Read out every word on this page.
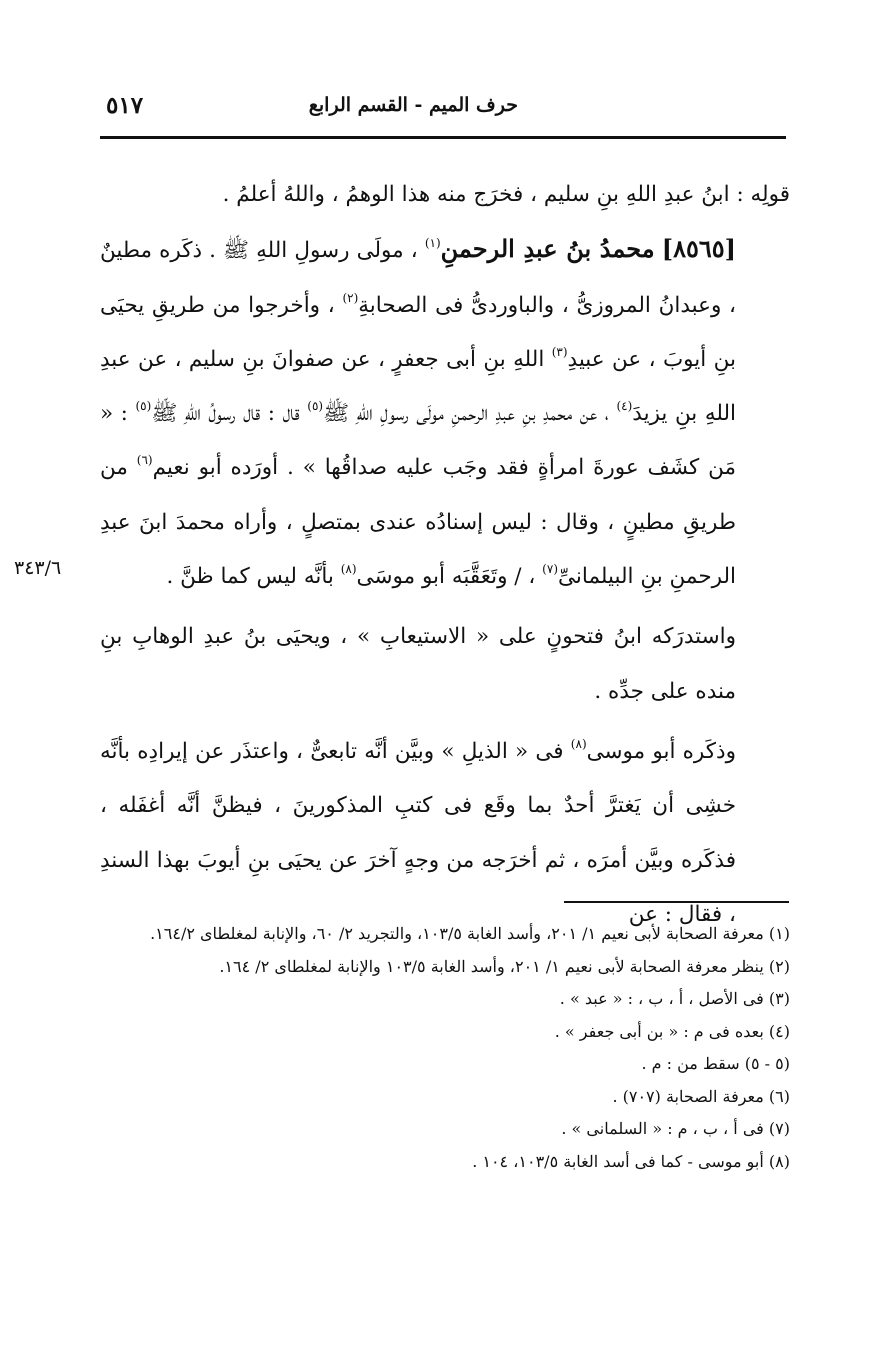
٥١٧	حرف الميم - القسم الرابع

قولِه : ابنُ عبدِ اللهِ بنِ سليم ، فخرَج منه هذا الوهمُ ، واللهُ أعلمُ .

[٨٥٦٥] محمدُ بنُ عبدِ الرحمنِ$^{(١)}$ ، مولَى رسولِ اللهِ ﷺ . ذكَره مطينٌ ، وعبدانُ المروزىُّ ، والباوردىُّ فى الصحابةِ$^{(٢)}$ ، وأخرجوا من طريقِ يحيَى بنِ أيوبَ ، عن عبيدِ$^{(٣)}$ اللهِ بنِ أبى جعفرٍ ، عن صفوانَ بنِ سليم ، عن عبدِ اللهِ بنِ يزيدَ$^{(٤)}$ ، عن محمدِ بنِ عبدِ الرحمنِ مولَى رسولِ اللهِ ﷺ$^{(٥)}$ قال : قال رسولُ اللهِ ﷺ$^{(٥)}$ : « مَن كشَف عورةَ امرأةٍ فقد وجَب عليه صداقُها » . أورَده أبو نعيم$^{(٦)}$ من طريقِ مطينٍ ، وقال : ليس إسنادُه عندى بمتصلٍ ، وأراه محمدَ ابنَ عبدِ الرحمنِ بنِ البيلمانىِّ$^{(٧)}$ ، / وتَعَقَّبَه أبو موسَى$^{(٨)}$ بأنَّه ليس كما ظنَّ .

واستدرَكه ابنُ فتحونٍ على « الاستيعابِ » ، ويحيَى بنُ عبدِ الوهابِ بنِ منده على جدِّه .

وذكَره أبو موسى$^{(٨)}$ فى « الذيلِ » وبيَّن أنَّه تابعىٌّ ، واعتذَر عن إيرادِه بأنَّه خشِى أن يَغترَّ أحدٌ بما وقَع فى كتبِ المذكورينَ ، فيظنَّ أنَّه أغفَله ، فذكَره وبيَّن أمرَه ، ثم أخرَجه من وجهٍ آخرَ عن يحيَى بنِ أيوبَ بهذا السندِ ، فقال : عن

٣٤٣/٦
(١) معرفة الصحابة لأبى نعيم ١/ ٢٠١، وأسد الغابة ١٠٣/٥، والتجريد ٢/ ٦٠، والإنابة لمغلطاى ١٦٤/٢.
(٢) ينظر معرفة الصحابة لأبى نعيم ١/ ٢٠١، وأسد الغابة ١٠٣/٥ والإنابة لمغلطاى ٢/ ١٦٤.
(٣) فى الأصل ، أ ، ب ، : « عبد » .
(٤) بعده فى م : « بن أبى جعفر » .
(٥ - ٥) سقط من : م .
(٦) معرفة الصحابة (٧٠٧) .
(٧) فى أ ، ب ، م : « السلمانى » .
(٨) أبو موسى - كما فى أسد الغابة ١٠٣/٥، ١٠٤ .
